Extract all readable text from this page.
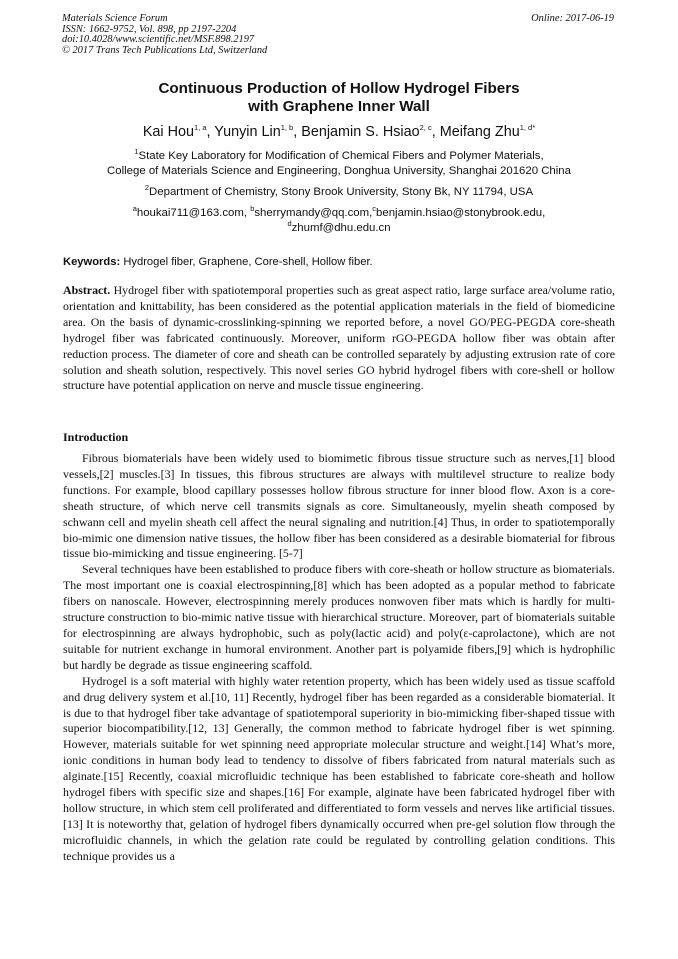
Materials Science Forum
ISSN: 1662-9752, Vol. 898, pp 2197-2204
doi:10.4028/www.scientific.net/MSF.898.2197
© 2017 Trans Tech Publications Ltd, Switzerland
Online: 2017-06-19
Continuous Production of Hollow Hydrogel Fibers
with Graphene Inner Wall
Kai Hou$^{1, a}$, Yunyin Lin$^{1, b}$, Benjamin S. Hsiao$^{2, c}$, Meifang Zhu$^{1, d*}$
$^1$State Key Laboratory for Modification of Chemical Fibers and Polymer Materials,
College of Materials Science and Engineering, Donghua University, Shanghai 201620 China
$^2$Department of Chemistry, Stony Brook University, Stony Bk, NY 11794, USA
$^a$houkai711@163.com, $^b$sherrymandy@qq.com,$^c$benjamin.hsiao@stonybrook.edu,
$^d$zhumf@dhu.edu.cn
Keywords: Hydrogel fiber, Graphene, Core-shell, Hollow fiber.

Abstract. Hydrogel fiber with spatiotemporal properties such as great aspect ratio, large surface area/volume ratio, orientation and knittability, has been considered as the potential application materials in the field of biomedicine area. On the basis of dynamic-crosslinking-spinning we reported before, a novel GO/PEG-PEGDA core-sheath hydrogel fiber was fabricated continuously. Moreover, uniform rGO-PEGDA hollow fiber was obtain after reduction process. The diameter of core and sheath can be controlled separately by adjusting extrusion rate of core solution and sheath solution, respectively. This novel series GO hybrid hydrogel fibers with core-shell or hollow structure have potential application on nerve and muscle tissue engineering.

Introduction

Fibrous biomaterials have been widely used to biomimetic fibrous tissue structure such as nerves,[1] blood vessels,[2] muscles.[3] In tissues, this fibrous structures are always with multilevel structure to realize body functions. For example, blood capillary possesses hollow fibrous structure for inner blood flow. Axon is a core-sheath structure, of which nerve cell transmits signals as core. Simultaneously, myelin sheath composed by schwann cell and myelin sheath cell affect the neural signaling and nutrition.[4] Thus, in order to spatiotemporally bio-mimic one dimension native tissues, the hollow fiber has been considered as a desirable biomaterial for fibrous tissue bio-mimicking and tissue engineering. [5-7]

Several techniques have been established to produce fibers with core-sheath or hollow structure as biomaterials. The most important one is coaxial electrospinning,[8] which has been adopted as a popular method to fabricate fibers on nanoscale. However, electrospinning merely produces nonwoven fiber mats which is hardly for multi-structure construction to bio-mimic native tissue with hierarchical structure. Moreover, part of biomaterials suitable for electrospinning are always hydrophobic, such as poly(lactic acid) and poly(ε-caprolactone), which are not suitable for nutrient exchange in humoral environment. Another part is polyamide fibers,[9] which is hydrophilic but hardly be degrade as tissue engineering scaffold.

Hydrogel is a soft material with highly water retention property, which has been widely used as tissue scaffold and drug delivery system et al.[10, 11] Recently, hydrogel fiber has been regarded as a considerable biomaterial. It is due to that hydrogel fiber take advantage of spatiotemporal superiority in bio-mimicking fiber-shaped tissue with superior biocompatibility.[12, 13] Generally, the common method to fabricate hydrogel fiber is wet spinning. However, materials suitable for wet spinning need appropriate molecular structure and weight.[14] What’s more, ionic conditions in human body lead to tendency to dissolve of fibers fabricated from natural materials such as alginate.[15] Recently, coaxial microfluidic technique has been established to fabricate core-sheath and hollow hydrogel fibers with specific size and shapes.[16] For example, alginate have been fabricated hydrogel fiber with hollow structure, in which stem cell proliferated and differentiated to form vessels and nerves like artificial tissues.[13] It is noteworthy that, gelation of hydrogel fibers dynamically occurred when pre-gel solution flow through the microfluidic channels, in which the gelation rate could be regulated by controlling gelation conditions. This technique provides us a
